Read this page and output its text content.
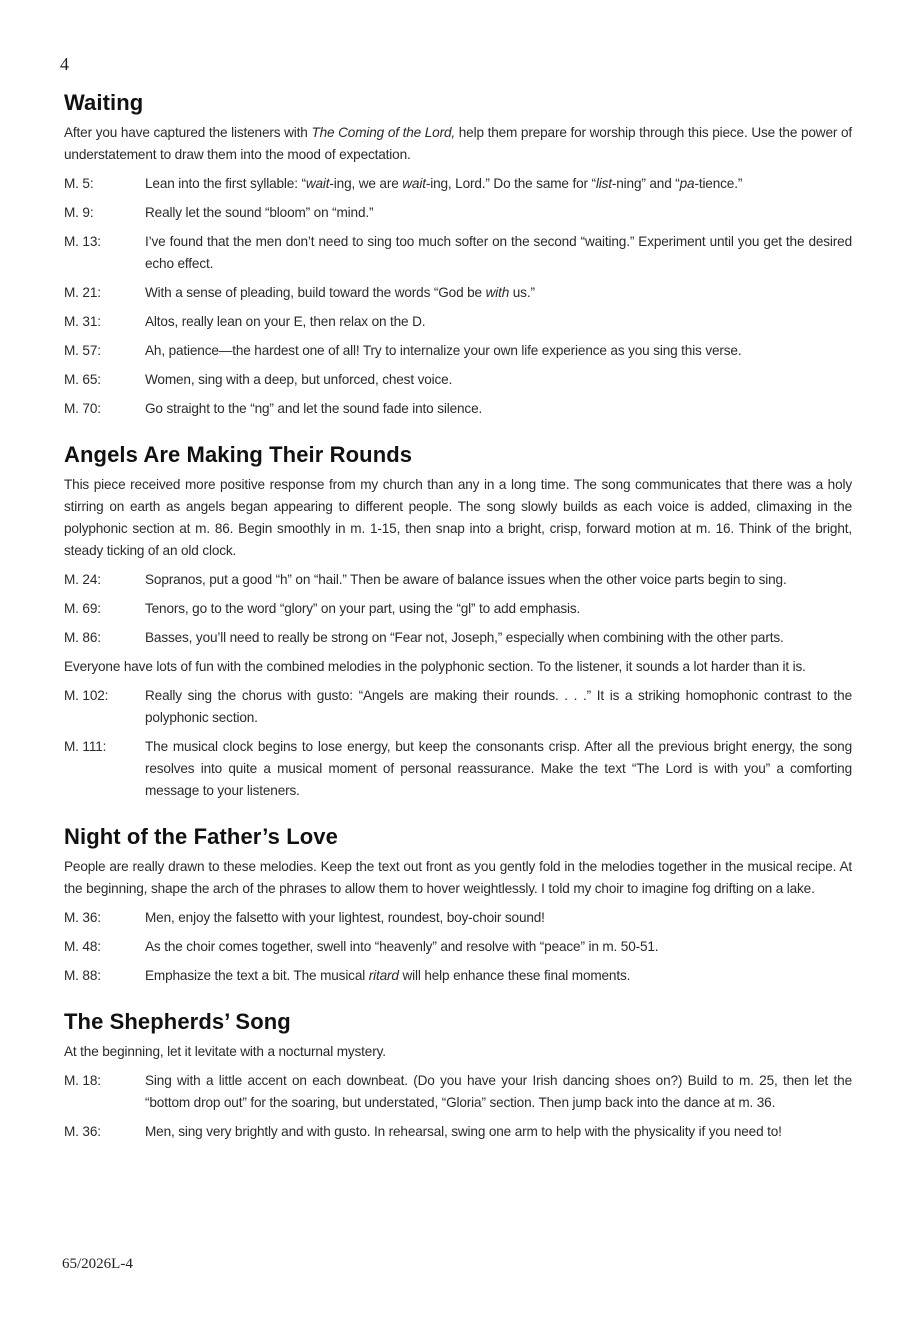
4
Waiting

After you have captured the listeners with The Coming of the Lord, help them prepare for worship through this piece. Use the power of understatement to draw them into the mood of expectation.

M. 5:	Lean into the first syllable: “wait-ing, we are wait-ing, Lord.” Do the same for “list-ning” and “pa-tience.”
M. 9:	Really let the sound “bloom” on “mind.”
M. 13:	I’ve found that the men don’t need to sing too much softer on the second “waiting.” Experiment until you get the desired echo effect.
M. 21:	With a sense of pleading, build toward the words “God be with us.”
M. 31:	Altos, really lean on your E, then relax on the D.
M. 57:	Ah, patience—the hardest one of all! Try to internalize your own life experience as you sing this verse.
M. 65:	Women, sing with a deep, but unforced, chest voice.
M. 70:	Go straight to the “ng” and let the sound fade into silence.
Angels Are Making Their Rounds

This piece received more positive response from my church than any in a long time. The song communicates that there was a holy stirring on earth as angels began appearing to different people. The song slowly builds as each voice is added, climaxing in the polyphonic section at m. 86. Begin smoothly in m. 1-15, then snap into a bright, crisp, forward motion at m. 16. Think of the bright, steady ticking of an old clock.

M. 24:	Sopranos, put a good “h” on “hail.” Then be aware of balance issues when the other voice parts begin to sing.
M. 69:	Tenors, go to the word “glory” on your part, using the “gl” to add emphasis.
M. 86:	Basses, you’ll need to really be strong on “Fear not, Joseph,” especially when combining with the other parts.

Everyone have lots of fun with the combined melodies in the polyphonic section. To the listener, it sounds a lot harder than it is.

M. 102:	Really sing the chorus with gusto: “Angels are making their rounds. . . .” It is a striking homophonic contrast to the polyphonic section.
M. 111:	The musical clock begins to lose energy, but keep the consonants crisp. After all the previous bright energy, the song resolves into quite a musical moment of personal reassurance. Make the text “The Lord is with you” a comforting message to your listeners.
Night of the Father’s Love

People are really drawn to these melodies. Keep the text out front as you gently fold in the melodies together in the musical recipe. At the beginning, shape the arch of the phrases to allow them to hover weightlessly. I told my choir to imagine fog drifting on a lake.

M. 36:	Men, enjoy the falsetto with your lightest, roundest, boy-choir sound!
M. 48:	As the choir comes together, swell into “heavenly” and resolve with “peace” in m. 50-51.
M. 88:	Emphasize the text a bit. The musical ritard will help enhance these final moments.
The Shepherds’ Song

At the beginning, let it levitate with a nocturnal mystery.

M. 18:	Sing with a little accent on each downbeat. (Do you have your Irish dancing shoes on?) Build to m. 25, then let the “bottom drop out” for the soaring, but understated, “Gloria” section. Then jump back into the dance at m. 36.
M. 36:	Men, sing very brightly and with gusto. In rehearsal, swing one arm to help with the physicality if you need to!
65/2026L-4
